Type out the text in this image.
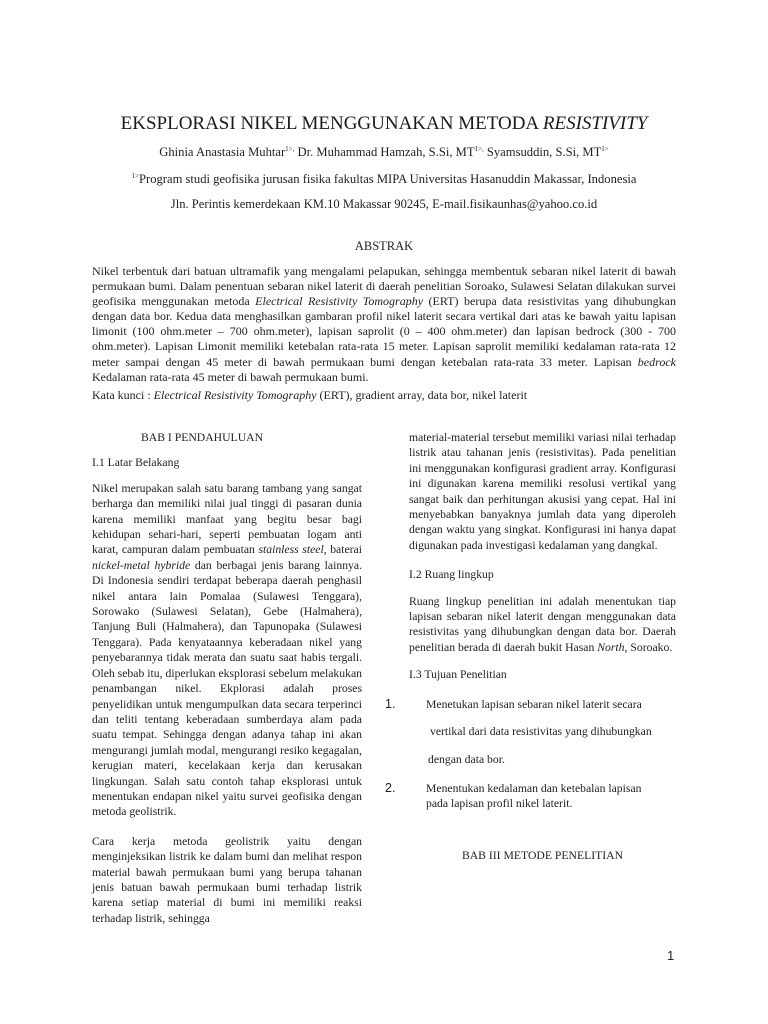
EKSPLORASI NIKEL MENGGUNAKAN METODA RESISTIVITY
Ghinia Anastasia Muhtar$^{1>,}$ Dr. Muhammad Hamzah, S.Si, $MT^{1>,}$ Syamsuddin, S.Si, $MT^{1>}$
$^{1>}$Program studi geofisika jurusan fisika fakultas MIPA Universitas Hasanuddin Makassar, Indonesia
Jln. Perintis kemerdekaan KM.10 Makassar 90245, E-mail.fisikaunhas@yahoo.co.id
ABSTRAK
Nikel terbentuk dari batuan ultramafik yang mengalami pelapukan, sehingga membentuk sebaran nikel laterit di bawah permukaan bumi. Dalam penentuan sebaran nikel laterit di daerah penelitian Soroako, Sulawesi Selatan dilakukan survei geofisika menggunakan metoda Electrical Resistivity Tomography (ERT) berupa data resistivitas yang dihubungkan dengan data bor. Kedua data menghasilkan gambaran profil nikel laterit secara vertikal dari atas ke bawah yaitu lapisan limonit (100 ohm.meter – 700 ohm.meter), lapisan saprolit (0 – 400 ohm.meter) dan lapisan bedrock (300 - 700 ohm.meter). Lapisan Limonit memiliki ketebalan rata-rata 15 meter. Lapisan saprolit memiliki kedalaman rata-rata 12 meter sampai dengan 45 meter di bawah permukaan bumi dengan ketebalan rata-rata 33 meter. Lapisan bedrock Kedalaman rata-rata 45 meter di bawah permukaan bumi.
Kata kunci : Electrical Resistivity Tomography (ERT), gradient array, data bor, nikel laterit

BAB I PENDAHULUAN

I.1 Latar Belakang

Nikel merupakan salah satu barang tambang yang sangat berharga dan memiliki nilai jual tinggi di pasaran dunia karena memiliki manfaat yang begitu besar bagi kehidupan sehari-hari, seperti pembuatan logam anti karat, campuran dalam pembuatan stainless steel, baterai nickel-metal hybride dan berbagai jenis barang lainnya. Di Indonesia sendiri terdapat beberapa daerah penghasil nikel antara lain Pomalaa (Sulawesi Tenggara), Sorowako (Sulawesi Selatan), Gebe (Halmahera), Tanjung Buli (Halmahera), dan Tapunopaka (Sulawesi Tenggara). Pada kenyataannya keberadaan nikel yang penyebarannya tidak merata dan suatu saat habis tergali. Oleh sebab itu, diperlukan eksplorasi sebelum melakukan penambangan nikel. Ekplorasi adalah proses penyelidikan untuk mengumpulkan data secara terperinci dan teliti tentang keberadaan sumberdaya alam pada suatu tempat. Sehingga dengan adanya tahap ini akan mengurangi jumlah modal, mengurangi resiko kegagalan, kerugian materi, kecelakaan kerja dan kerusakan lingkungan. Salah satu contoh tahap eksplorasi untuk menentukan endapan nikel yaitu survei geofisika dengan metoda geolistrik.

Cara kerja metoda geolistrik yaitu dengan menginjeksikan listrik ke dalam bumi dan melihat respon material bawah permukaan bumi yang berupa tahanan jenis batuan bawah permukaan bumi terhadap listrik karena setiap material di bumi ini memiliki reaksi terhadap listrik, sehingga

material-material tersebut memiliki variasi nilai terhadap listrik atau tahanan jenis (resistivitas). Pada penelitian ini menggunakan konfigurasi gradient array. Konfigurasi ini digunakan karena memiliki resolusi vertikal yang sangat baik dan perhitungan akusisi yang cepat. Hal ini menyebabkan banyaknya jumlah data yang diperoleh dengan waktu yang singkat. Konfigurasi ini hanya dapat digunakan pada investigasi kedalaman yang dangkal.

I.2 Ruang lingkup

Ruang lingkup penelitian ini adalah menentukan tiap lapisan sebaran nikel laterit dengan menggunakan data resistivitas yang dihubungkan dengan data bor. Daerah penelitian berada di daerah bukit Hasan North, Soroako.

I.3 Tujuan Penelitian

1.	Menetukan lapisan sebaran nikel laterit secara
vertikal dari data resistivitas yang dihubungkan
dengan data bor.
2.	Menentukan kedalaman dan ketebalan lapisan
pada lapisan profil nikel laterit.

BAB III METODE PENELITIAN

1
